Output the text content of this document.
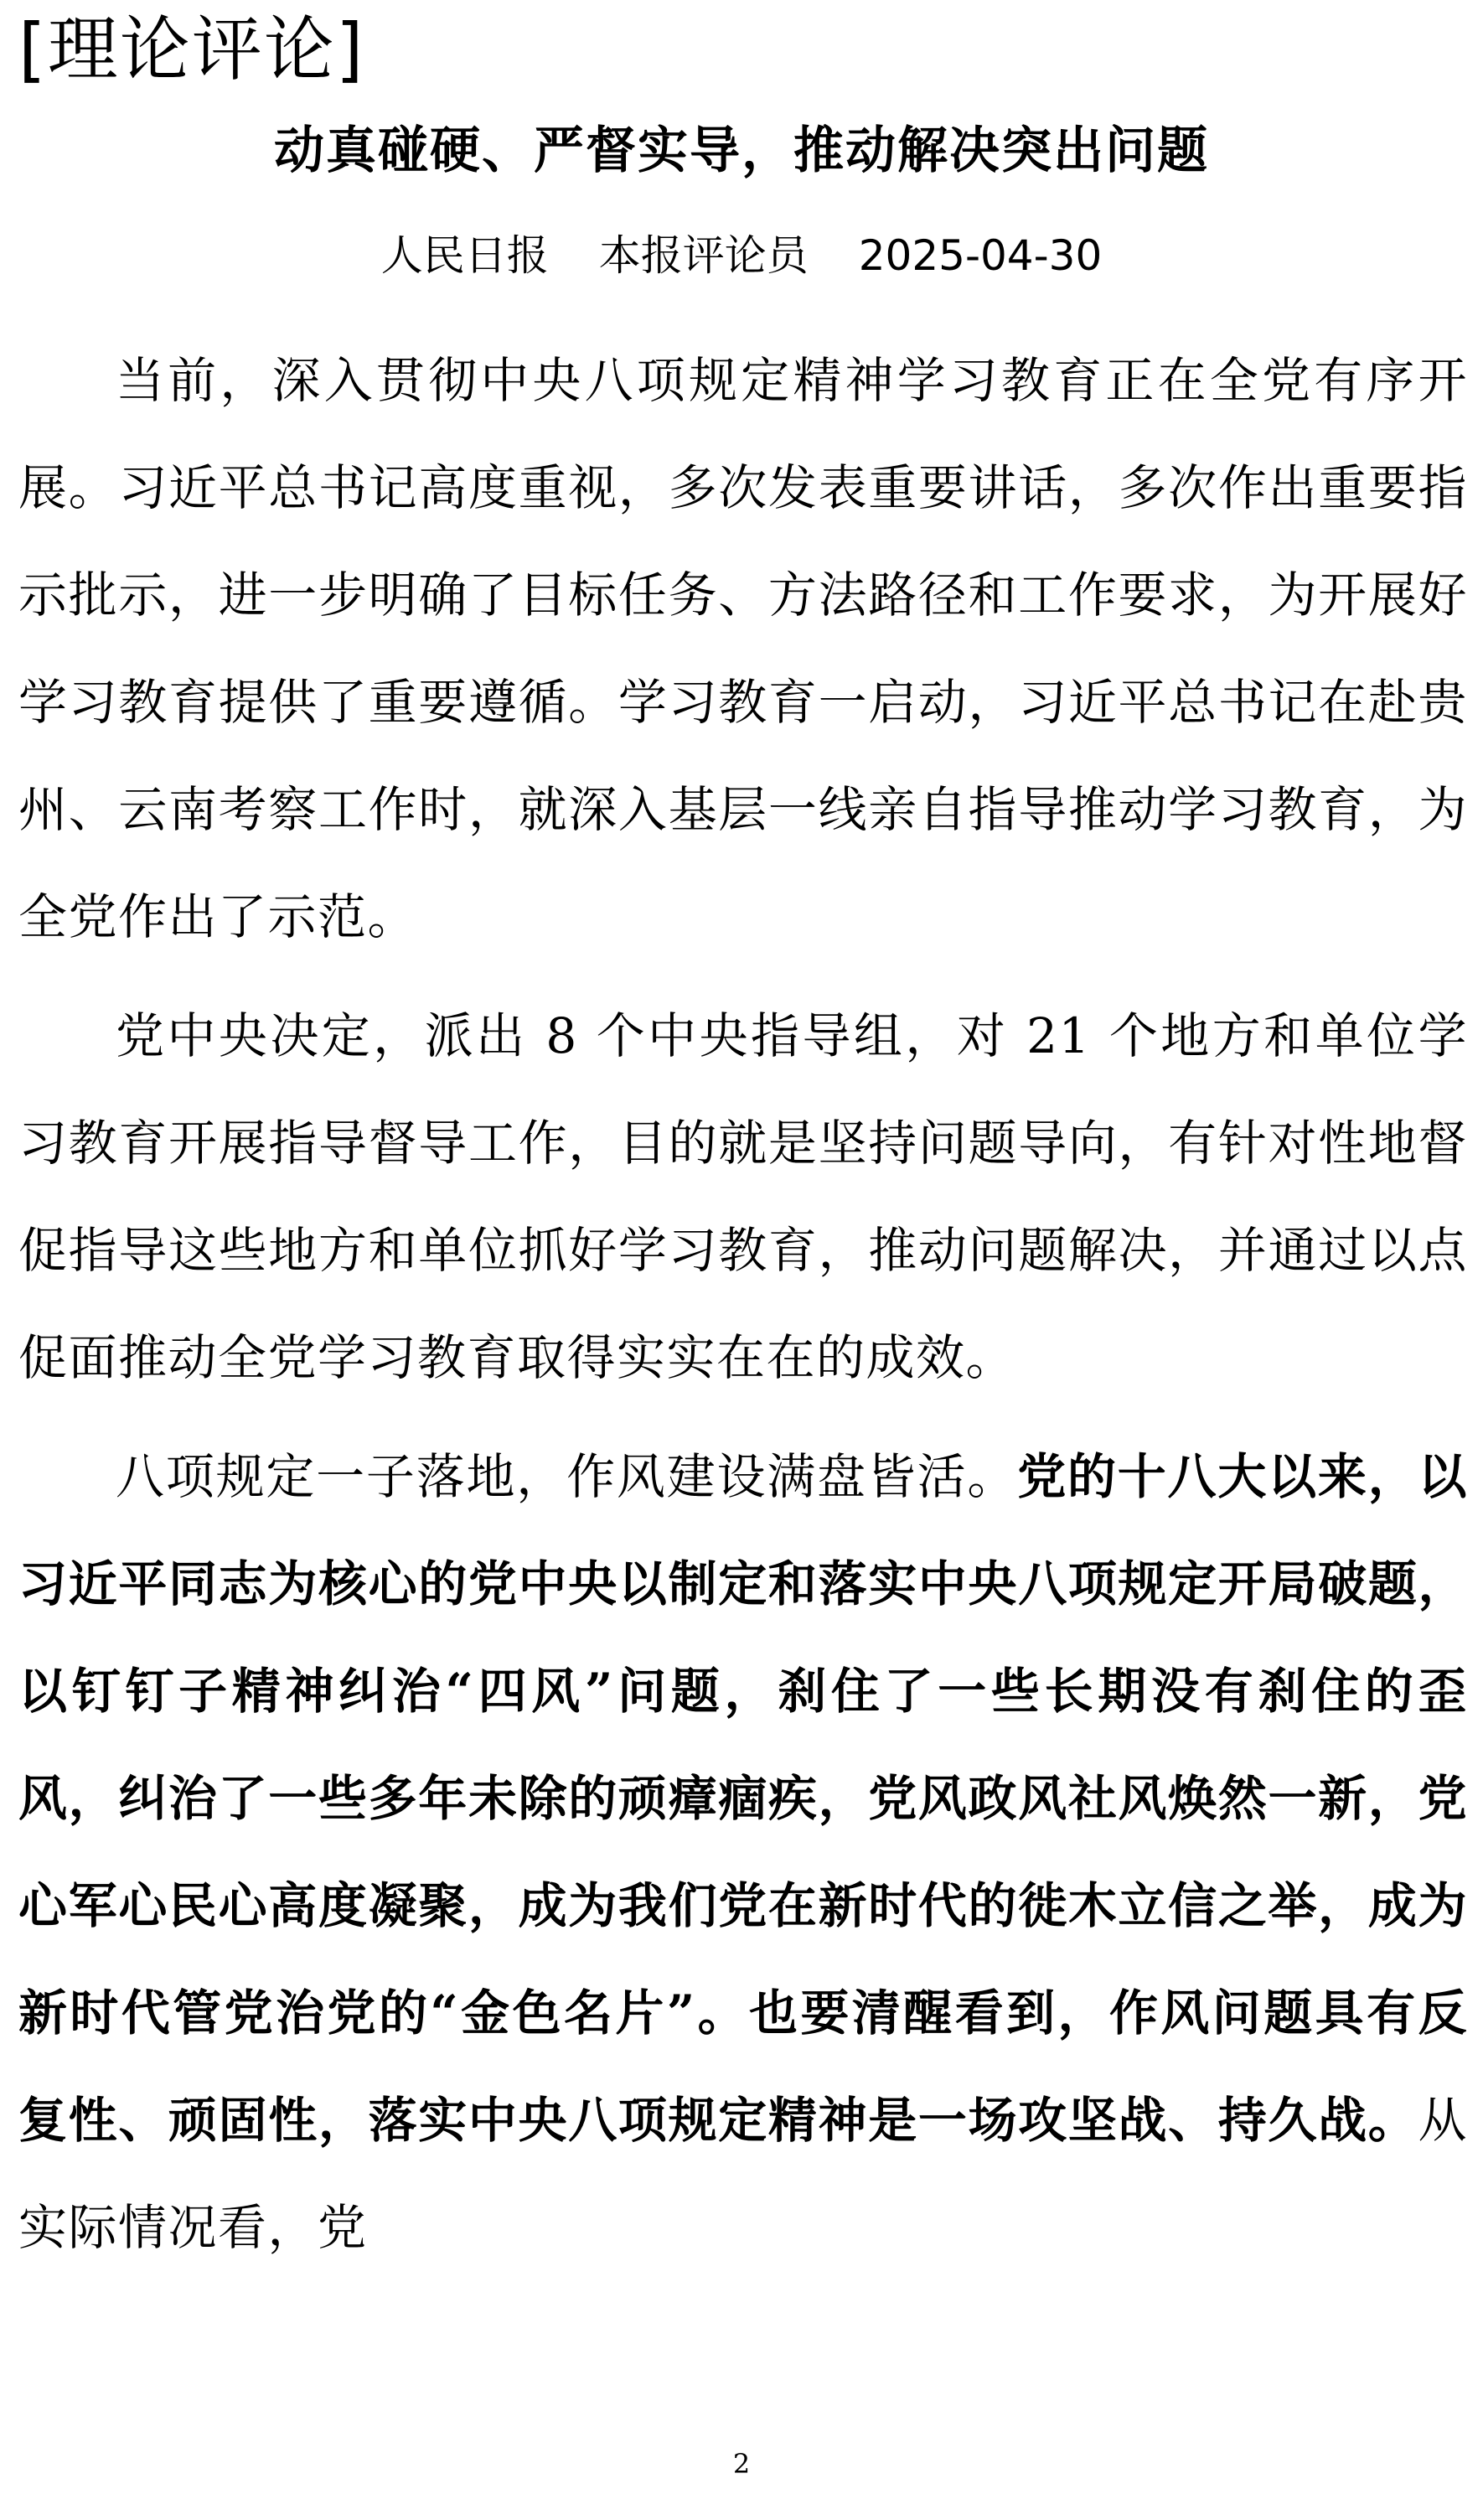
[理论评论]
动真碰硬、严督实导，推动解决突出问题
人民日报 本报评论员 2025-04-30

当前，深入贯彻中央八项规定精神学习教育正在全党有序开展。习近平总书记高度重视，多次发表重要讲话，多次作出重要指示批示，进一步明确了目标任务、方法路径和工作要求，为开展好学习教育提供了重要遵循。学习教育一启动，习近平总书记在赴贵州、云南考察工作时，就深入基层一线亲自指导推动学习教育，为全党作出了示范。

党中央决定，派出 8 个中央指导组，对 21 个地方和单位学习教育开展指导督导工作，目的就是坚持问题导向，有针对性地督促指导这些地方和单位抓好学习教育，推动问题解决，并通过以点促面推动全党学习教育取得实实在在的成效。

八项规定一子落地，作风建设满盘皆活。党的十八大以来，以习近平同志为核心的党中央以制定和落实中央八项规定开局破题，以钉钉子精神纠治“四风”问题，刹住了一些长期没有刹住的歪风，纠治了一些多年未除的顽瘴痼疾，党风政风社风焕然一新，党心军心民心高度凝聚，成为我们党在新时代的徙木立信之举，成为新时代管党治党的“金色名片”。也要清醒看到，作风问题具有反复性、顽固性，落实中央八项规定精神是一场攻坚战、持久战。从实际情况看，党

2
